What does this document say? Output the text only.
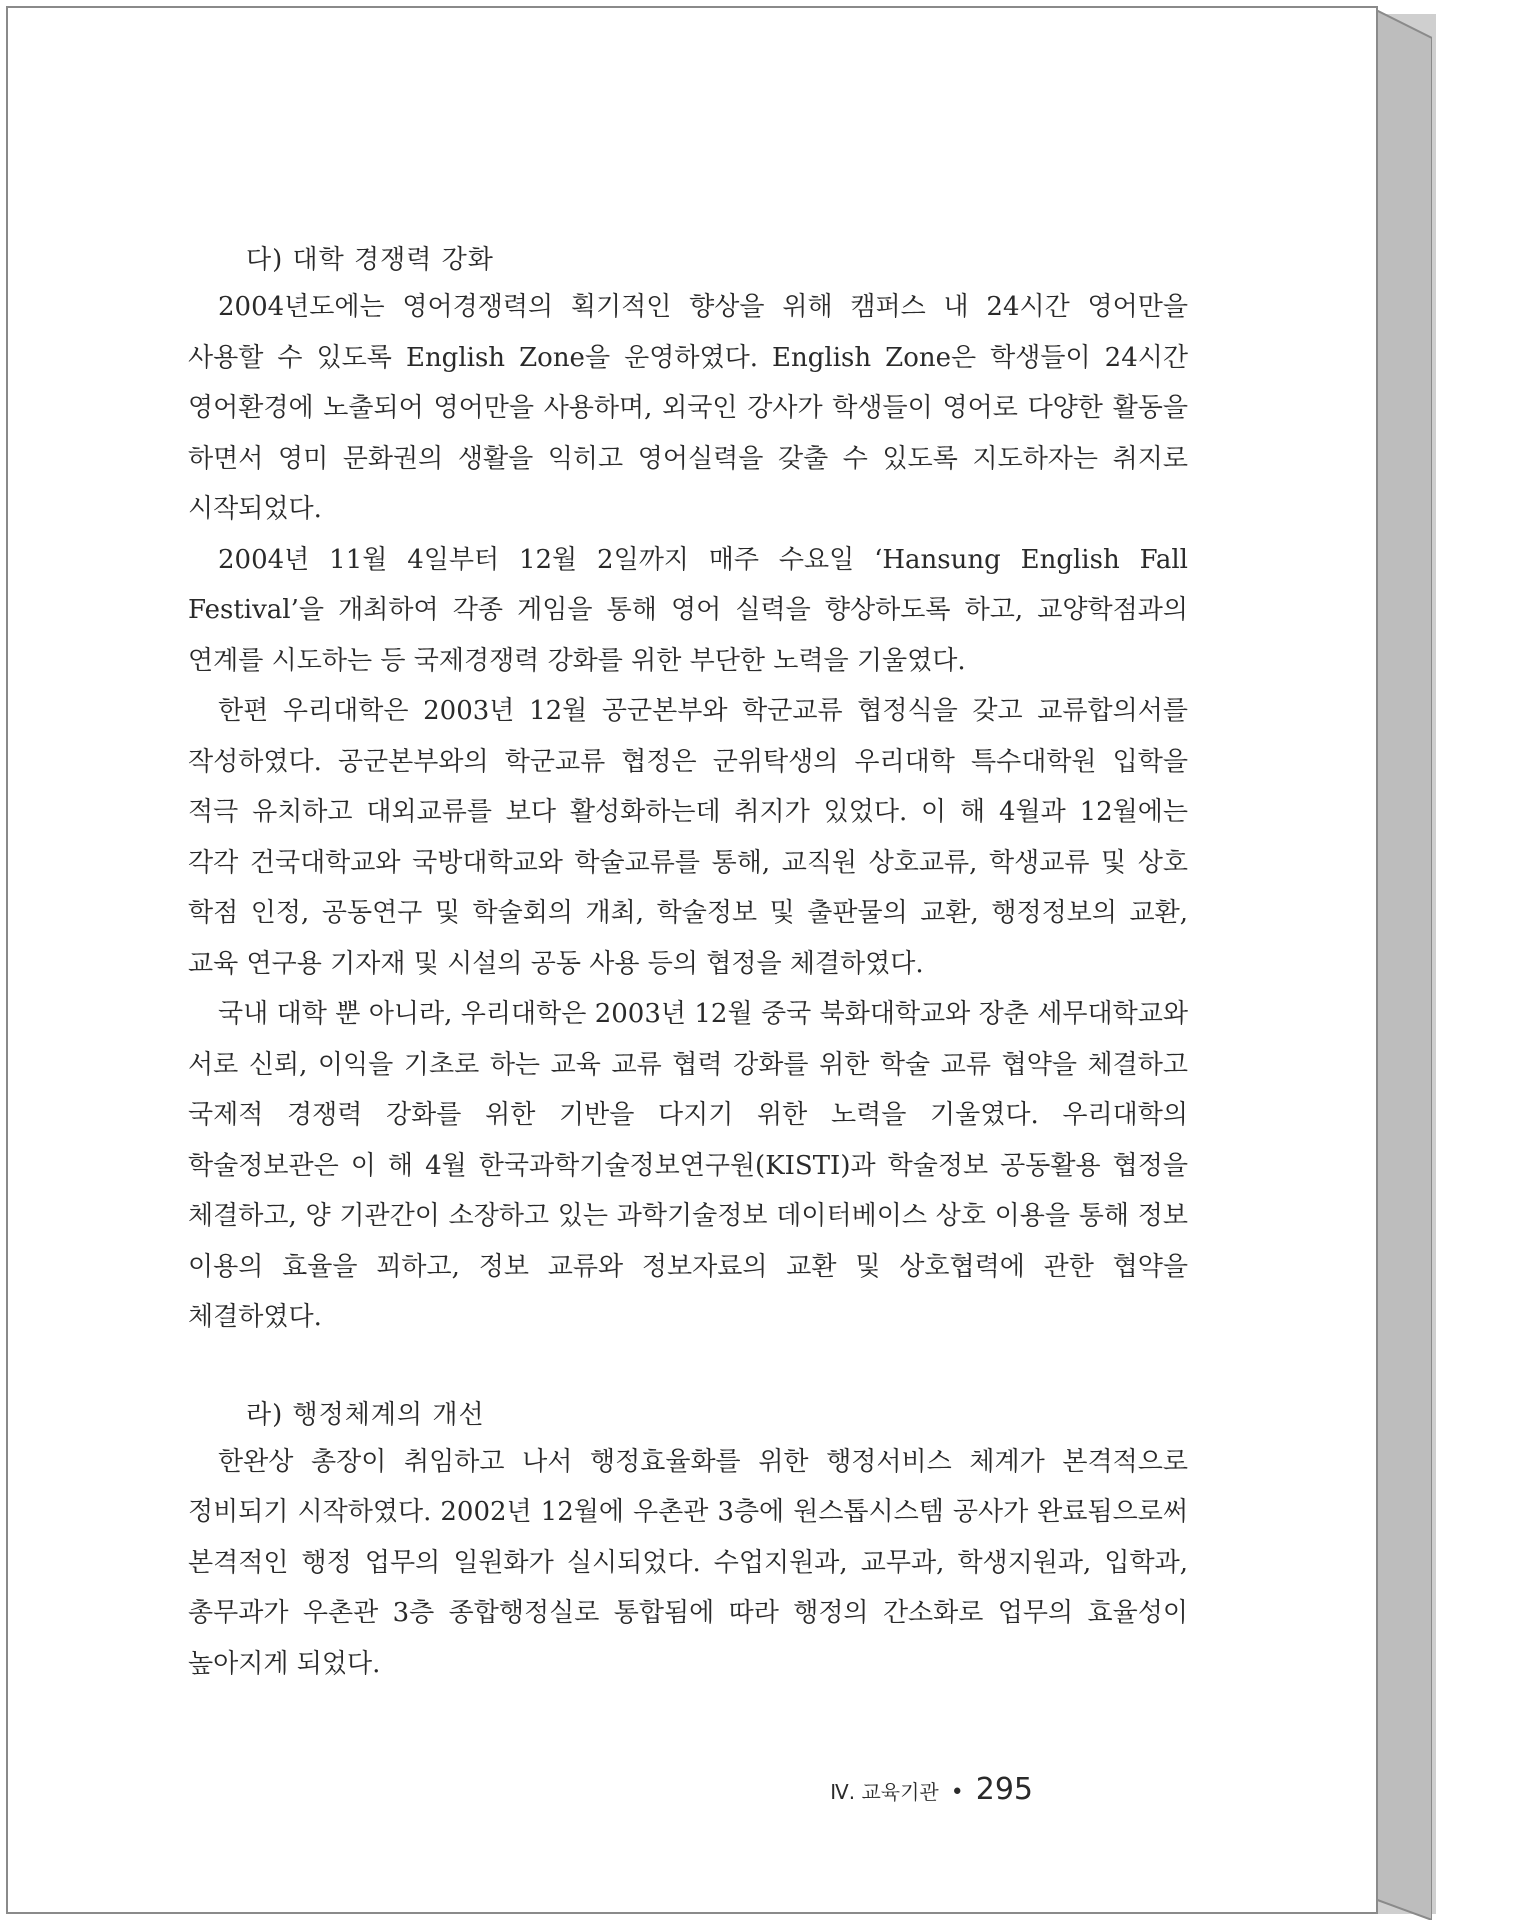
다) 대학 경쟁력 강화

2004년도에는 영어경쟁력의 획기적인 향상을 위해 캠퍼스 내 24시간 영어만을 사용할 수 있도록 English Zone을 운영하였다. English Zone은 학생들이 24시간 영어환경에 노출되어 영어만을 사용하며, 외국인 강사가 학생들이 영어로 다양한 활동을 하면서 영미 문화권의 생활을 익히고 영어실력을 갖출 수 있도록 지도하자는 취지로 시작되었다.

2004년 11월 4일부터 12월 2일까지 매주 수요일 ‘Hansung English Fall Festival’을 개최하여 각종 게임을 통해 영어 실력을 향상하도록 하고, 교양학점과의 연계를 시도하는 등 국제경쟁력 강화를 위한 부단한 노력을 기울였다.

한편 우리대학은 2003년 12월 공군본부와 학군교류 협정식을 갖고 교류합의서를 작성하였다. 공군본부와의 학군교류 협정은 군위탁생의 우리대학 특수대학원 입학을 적극 유치하고 대외교류를 보다 활성화하는데 취지가 있었다. 이 해 4월과 12월에는 각각 건국대학교와 국방대학교와 학술교류를 통해, 교직원 상호교류, 학생교류 및 상호 학점 인정, 공동연구 및 학술회의 개최, 학술정보 및 출판물의 교환, 행정정보의 교환, 교육 연구용 기자재 및 시설의 공동 사용 등의 협정을 체결하였다.

국내 대학 뿐 아니라, 우리대학은 2003년 12월 중국 북화대학교와 장춘 세무대학교와 서로 신뢰, 이익을 기초로 하는 교육 교류 협력 강화를 위한 학술 교류 협약을 체결하고 국제적 경쟁력 강화를 위한 기반을 다지기 위한 노력을 기울였다. 우리대학의 학술정보관은 이 해 4월 한국과학기술정보연구원(KISTI)과 학술정보 공동활용 협정을 체결하고, 양 기관간이 소장하고 있는 과학기술정보 데이터베이스 상호 이용을 통해 정보 이용의 효율을 꾀하고, 정보 교류와 정보자료의 교환 및 상호협력에 관한 협약을 체결하였다.

라) 행정체계의 개선

한완상 총장이 취임하고 나서 행정효율화를 위한 행정서비스 체계가 본격적으로 정비되기 시작하였다. 2002년 12월에 우촌관 3층에 원스톱시스템 공사가 완료됨으로써 본격적인 행정 업무의 일원화가 실시되었다. 수업지원과, 교무과, 학생지원과, 입학과, 총무과가 우촌관 3층 종합행정실로 통합됨에 따라 행정의 간소화로 업무의 효율성이 높아지게 되었다.

Ⅳ. 교육기관 • 295
